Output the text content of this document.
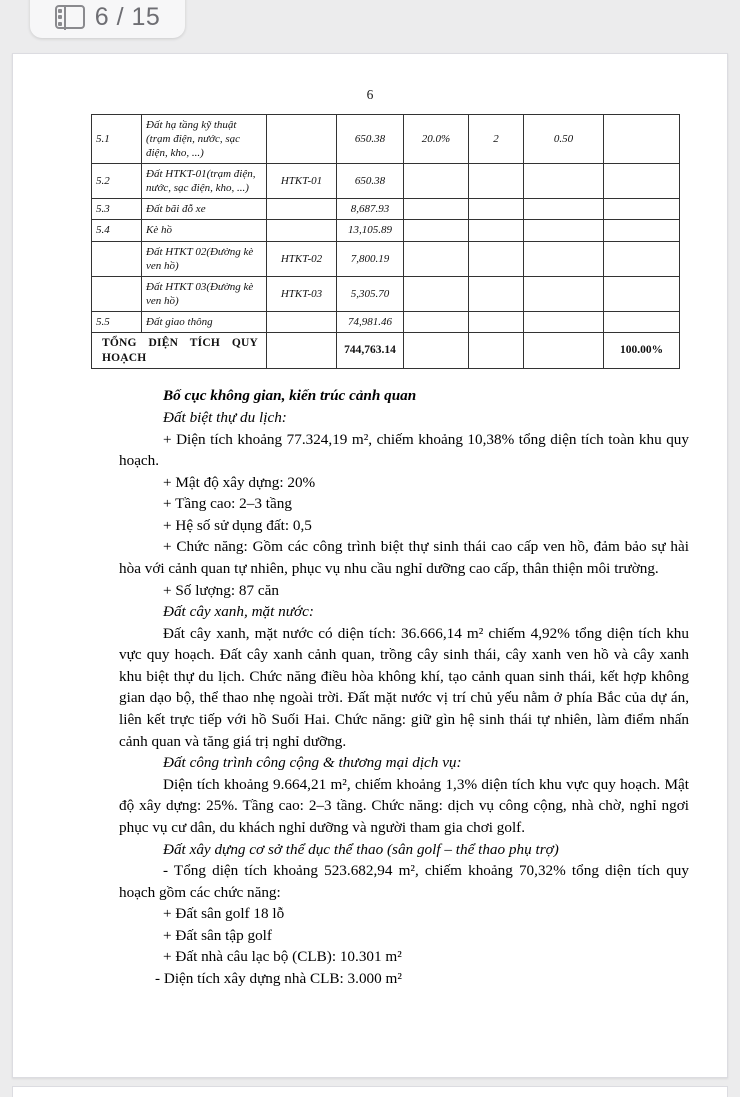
6 / 15
6
5.1	Đất hạ tầng kỹ thuật (trạm điện, nước, sạc điện, kho, ...)		650.38	20.0%	2	0.50	
5.2	Đất HTKT-01(trạm điện, nước, sạc điện, kho, ...)	HTKT-01	650.38				
5.3	Đất bãi đỗ xe		8,687.93				
5.4	Kè hồ		13,105.89				
	Đất HTKT 02(Đường kè ven hồ)	HTKT-02	7,800.19				
	Đất HTKT 03(Đường kè ven hồ)	HTKT-03	5,305.70				
5.5	Đất giao thông		74,981.46				
TỔNG DIỆN TÍCH QUY HOẠCH			744,763.14				100.00%

Bố cục không gian, kiến trúc cảnh quan

Đất biệt thự du lịch:

+ Diện tích khoảng 77.324,19 m², chiếm khoảng 10,38% tổng diện tích toàn khu quy hoạch.

+ Mật độ xây dựng: 20%

+ Tầng cao: 2–3 tầng

+ Hệ số sử dụng đất: 0,5

+ Chức năng: Gồm các công trình biệt thự sinh thái cao cấp ven hồ, đảm bảo sự hài hòa với cảnh quan tự nhiên, phục vụ nhu cầu nghỉ dưỡng cao cấp, thân thiện môi trường.

+ Số lượng: 87 căn

Đất cây xanh, mặt nước:

Đất cây xanh, mặt nước có diện tích: 36.666,14 m² chiếm 4,92% tổng diện tích khu vực quy hoạch. Đất cây xanh cảnh quan, trồng cây sinh thái, cây xanh ven hồ và cây xanh khu biệt thự du lịch. Chức năng điều hòa không khí, tạo cảnh quan sinh thái, kết hợp không gian dạo bộ, thể thao nhẹ ngoài trời. Đất mặt nước vị trí chủ yếu nằm ở phía Bắc của dự án, liên kết trực tiếp với hồ Suối Hai. Chức năng: giữ gìn hệ sinh thái tự nhiên, làm điểm nhấn cảnh quan và tăng giá trị nghỉ dưỡng.

Đất công trình công cộng & thương mại dịch vụ:

Diện tích khoảng 9.664,21 m², chiếm khoảng 1,3% diện tích khu vực quy hoạch. Mật độ xây dựng: 25%. Tầng cao: 2–3 tầng. Chức năng: dịch vụ công cộng, nhà chờ, nghỉ ngơi phục vụ cư dân, du khách nghỉ dưỡng và người tham gia chơi golf.

Đất xây dựng cơ sở thể dục thể thao (sân golf – thể thao phụ trợ)

- Tổng diện tích khoảng 523.682,94 m², chiếm khoảng 70,32% tổng diện tích quy hoạch gồm các chức năng:

+ Đất sân golf 18 lỗ

+ Đất sân tập golf

+ Đất nhà câu lạc bộ (CLB): 10.301 m²

- Diện tích xây dựng nhà CLB: 3.000 m²
